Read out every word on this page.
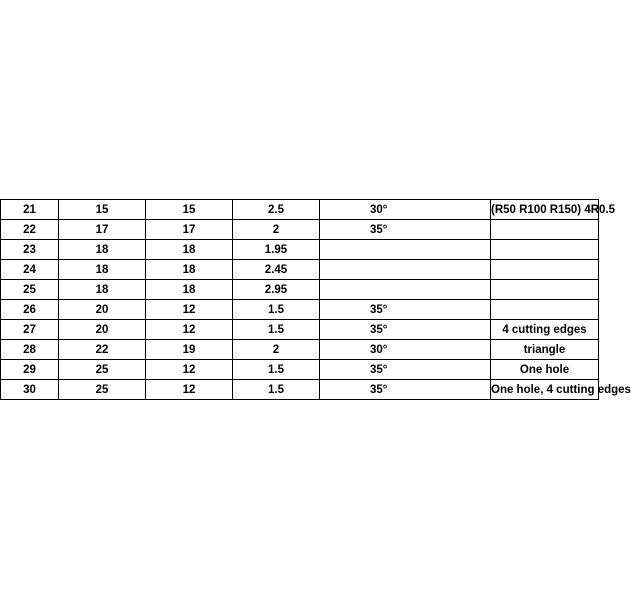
21	15	15	2.5	30°	(R50 R100 R150) 4R0.5
22	17	17	2	35°	
23	18	18	1.95		
24	18	18	2.45		
25	18	18	2.95		
26	20	12	1.5	35°	
27	20	12	1.5	35°	4 cutting edges
28	22	19	2	30°	triangle
29	25	12	1.5	35°	One hole
30	25	12	1.5	35°	One hole, 4 cutting edges
